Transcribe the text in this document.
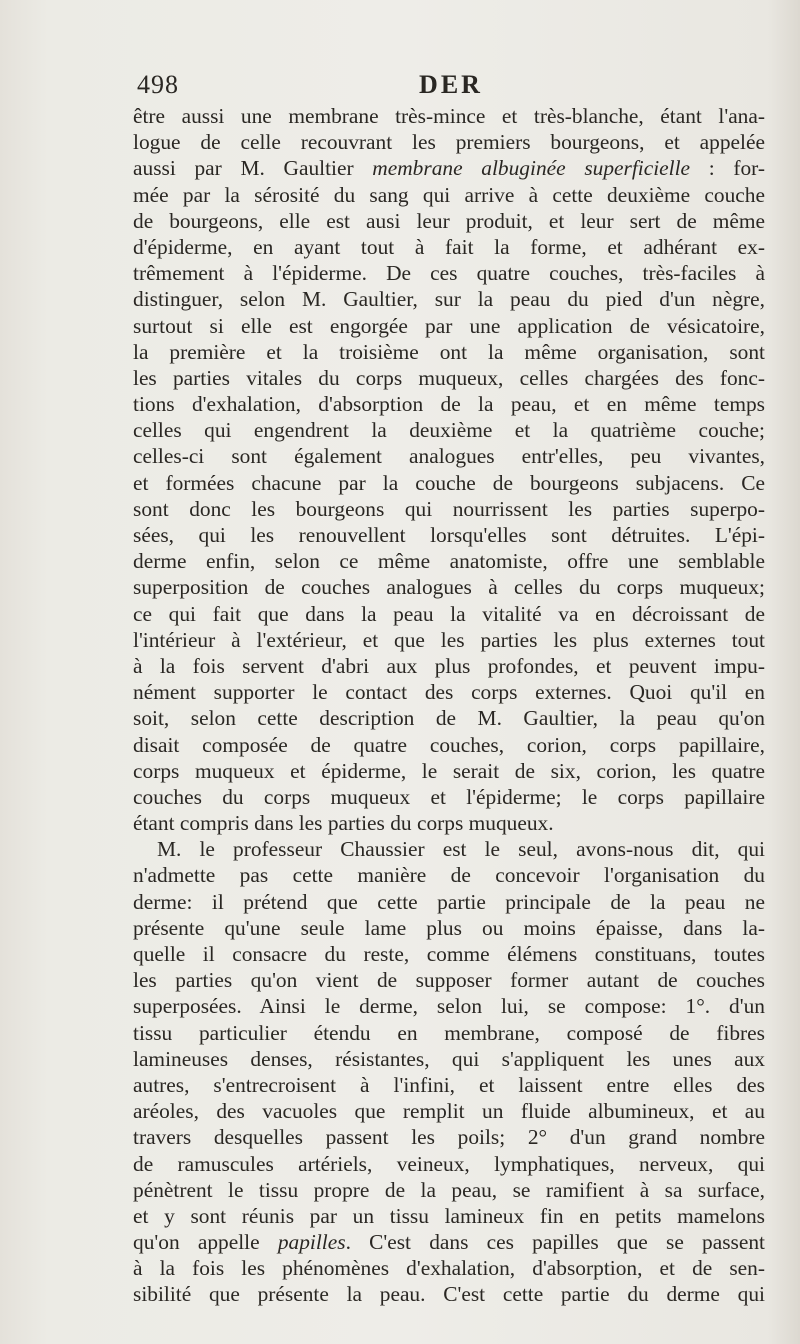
498	DER
être aussi une membrane très-mince et très-blanche, étant l'ana-
logue de celle recouvrant les premiers bourgeons, et appelée
aussi par M. Gaultier membrane albuginée superficielle : for-
mée par la sérosité du sang qui arrive à cette deuxième couche
de bourgeons, elle est ausi leur produit, et leur sert de même
d'épiderme, en ayant tout à fait la forme, et adhérant ex-
trêmement à l'épiderme. De ces quatre couches, très-faciles à
distinguer, selon M. Gaultier, sur la peau du pied d'un nègre,
surtout si elle est engorgée par une application de vésicatoire,
la première et la troisième ont la même organisation, sont
les parties vitales du corps muqueux, celles chargées des fonc-
tions d'exhalation, d'absorption de la peau, et en même temps
celles qui engendrent la deuxième et la quatrième couche;
celles-ci sont également analogues entr'elles, peu vivantes,
et formées chacune par la couche de bourgeons subjacens. Ce
sont donc les bourgeons qui nourrissent les parties superpo-
sées, qui les renouvellent lorsqu'elles sont détruites. L'épi-
derme enfin, selon ce même anatomiste, offre une semblable
superposition de couches analogues à celles du corps muqueux;
ce qui fait que dans la peau la vitalité va en décroissant de
l'intérieur à l'extérieur, et que les parties les plus externes tout
à la fois servent d'abri aux plus profondes, et peuvent impu-
nément supporter le contact des corps externes. Quoi qu'il en
soit, selon cette description de M. Gaultier, la peau qu'on
disait composée de quatre couches, corion, corps papillaire,
corps muqueux et épiderme, le serait de six, corion, les quatre
couches du corps muqueux et l'épiderme; le corps papillaire
étant compris dans les parties du corps muqueux.
M. le professeur Chaussier est le seul, avons-nous dit, qui
n'admette pas cette manière de concevoir l'organisation du
derme: il prétend que cette partie principale de la peau ne
présente qu'une seule lame plus ou moins épaisse, dans la-
quelle il consacre du reste, comme élémens constituans, toutes
les parties qu'on vient de supposer former autant de couches
superposées. Ainsi le derme, selon lui, se compose: 1°. d'un
tissu particulier étendu en membrane, composé de fibres
lamineuses denses, résistantes, qui s'appliquent les unes aux
autres, s'entrecroisent à l'infini, et laissent entre elles des
aréoles, des vacuoles que remplit un fluide albumineux, et au
travers desquelles passent les poils; 2° d'un grand nombre
de ramuscules artériels, veineux, lymphatiques, nerveux, qui
pénètrent le tissu propre de la peau, se ramifient à sa surface,
et y sont réunis par un tissu lamineux fin en petits mamelons
qu'on appelle papilles. C'est dans ces papilles que se passent
à la fois les phénomènes d'exhalation, d'absorption, et de sen-
sibilité que présente la peau. C'est cette partie du derme qui
